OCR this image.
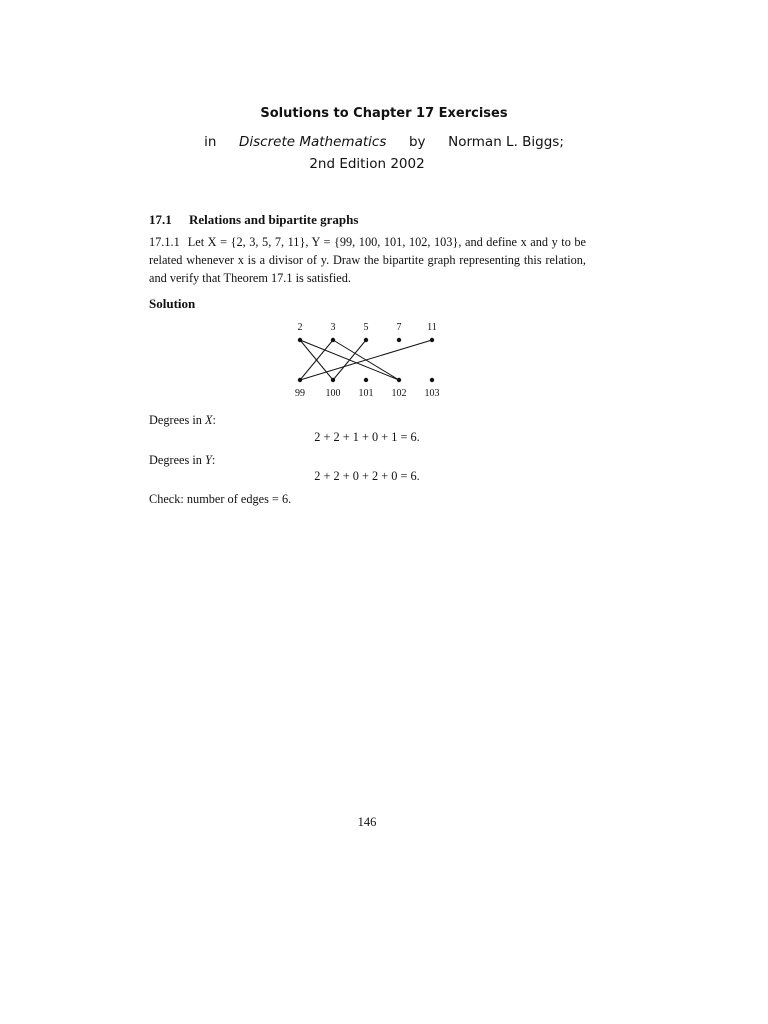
Solutions to Chapter 17 Exercises
in Discrete Mathematics by Norman L. Biggs;
2nd Edition 2002
17.1 Relations and bipartite graphs
17.1.1 Let X = {2, 3, 5, 7, 11}, Y = {99, 100, 101, 102, 103}, and define x and y to be related whenever x is a divisor of y. Draw the bipartite graph representing this relation, and verify that Theorem 17.1 is satisfied.
Solution
2	3	5	7	11
99 100 101 102 103
Degrees in X:
2 + 2 + 1 + 0 + 1 = 6.
Degrees in Y:
2 + 2 + 0 + 2 + 0 = 6.
Check: number of edges = 6.
146
